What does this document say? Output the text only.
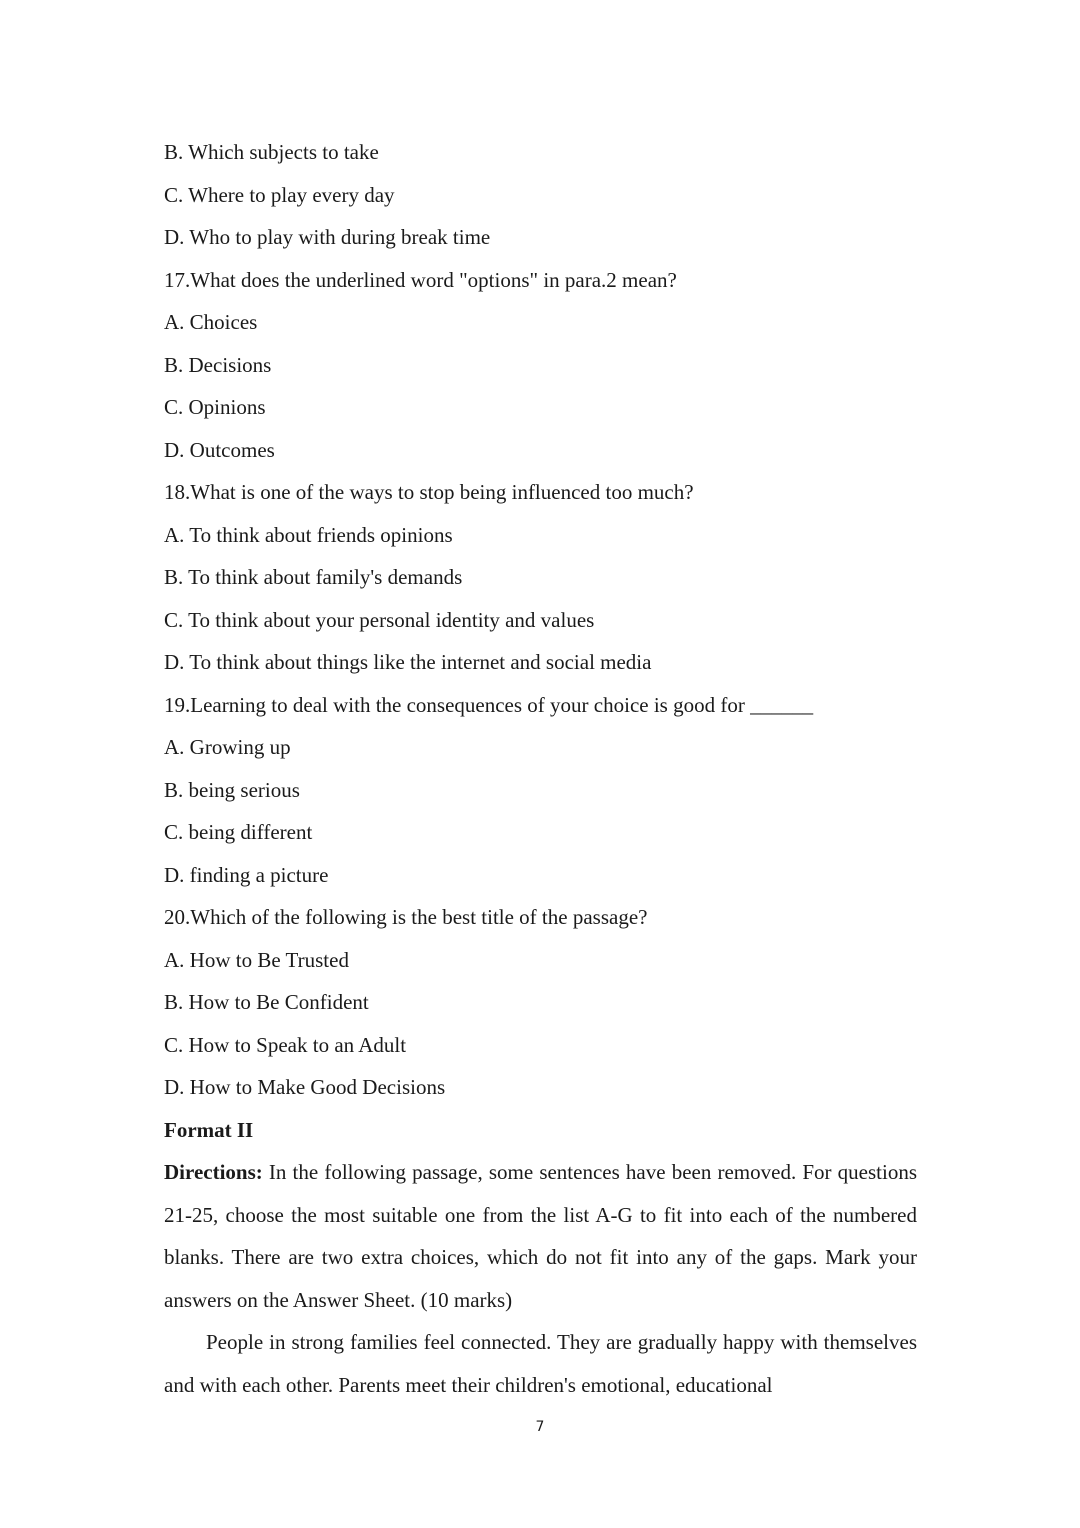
B. Which subjects to take
C. Where to play every day
D. Who to play with during break time
17.What does the underlined word "options" in para.2 mean?
A. Choices
B. Decisions
C. Opinions
D. Outcomes
18.What is one of the ways to stop being influenced too much?
A. To think about friends opinions
B. To think about family's demands
C. To think about your personal identity and values
D. To think about things like the internet and social media
19.Learning to deal with the consequences of your choice is good for ______
A. Growing up
B. being serious
C. being different
D. finding a picture
20.Which of the following is the best title of the passage?
A. How to Be Trusted
B. How to Be Confident
C. How to Speak to an Adult
D. How to Make Good Decisions
Format II
Directions: In the following passage, some sentences have been removed. For questions 21-25, choose the most suitable one from the list A-G to fit into each of the numbered blanks. There are two extra choices, which do not fit into any of the gaps. Mark your answers on the Answer Sheet. (10 marks)
People in strong families feel connected. They are gradually happy with themselves and with each other. Parents meet their children's emotional, educational
7
